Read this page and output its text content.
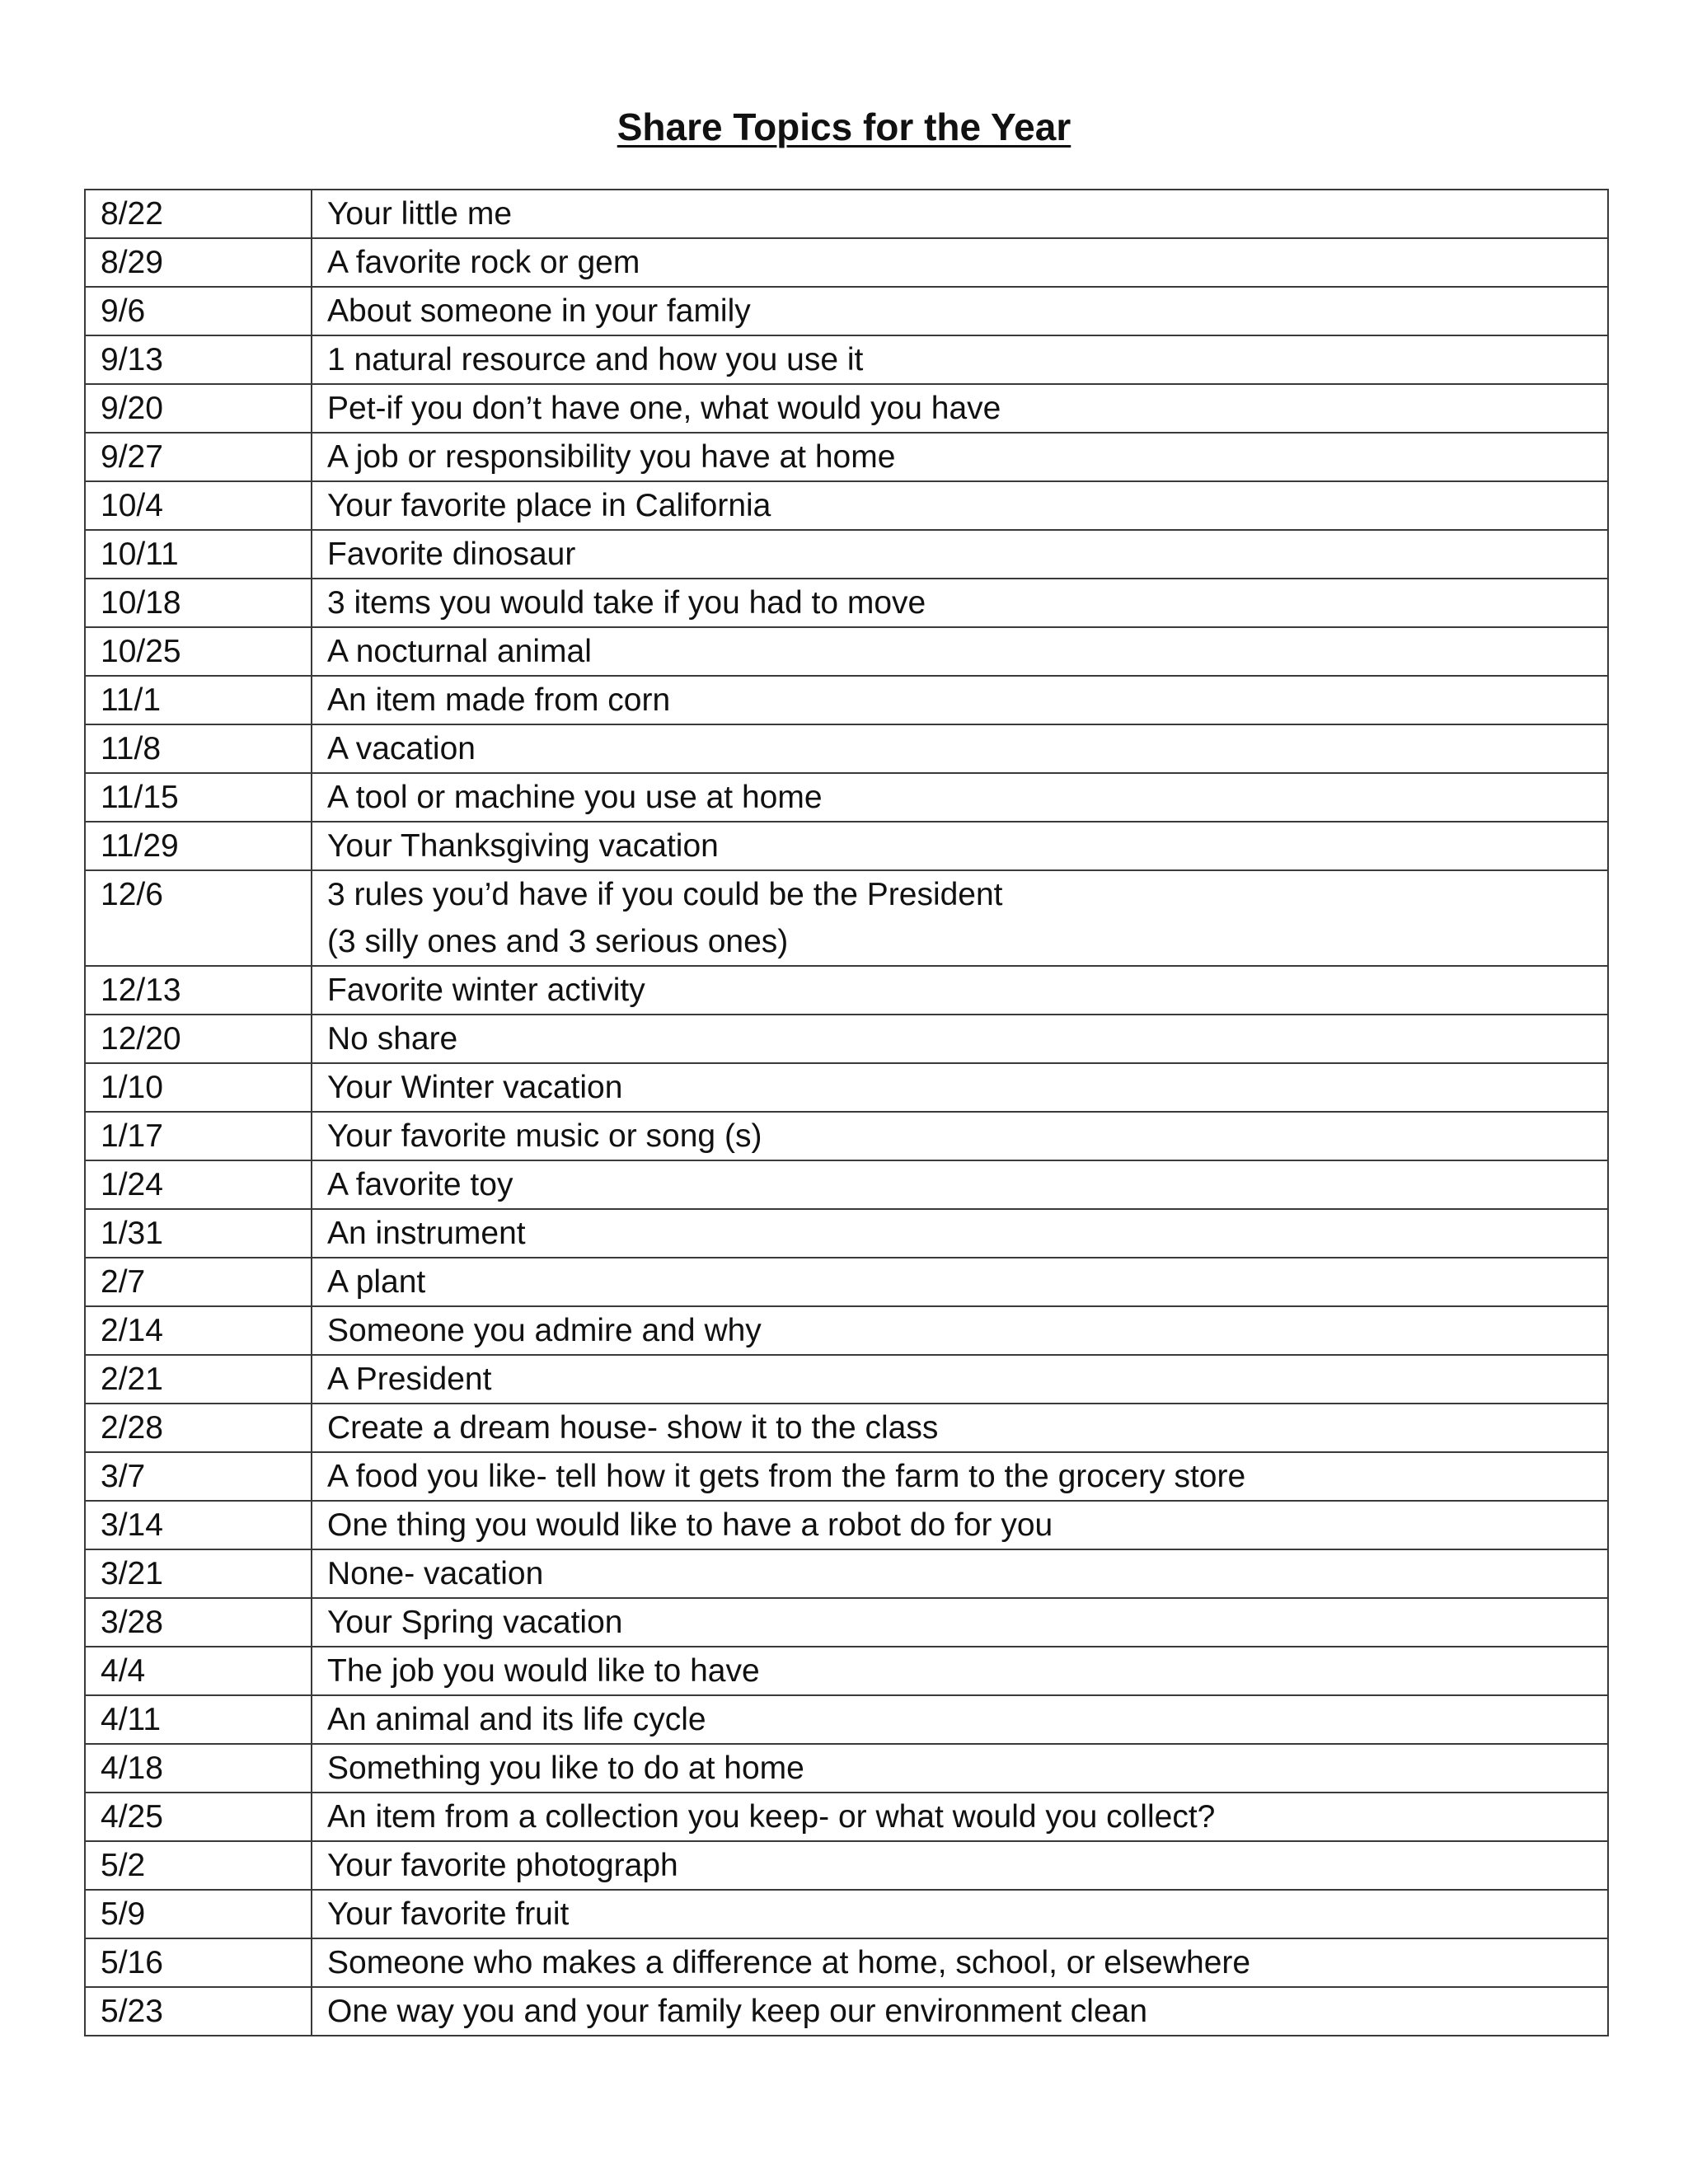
Share Topics for the Year
8/22	Your little me
8/29	A favorite rock or gem
9/6	About someone in your family
9/13	1 natural resource and how you use it
9/20	Pet-if you don’t have one, what would you have
9/27	A job or responsibility you have at home
10/4	Your favorite place in California
10/11	Favorite dinosaur
10/18	3 items you would take if you had to move
10/25	A nocturnal animal
11/1	An item made from corn
11/8	A vacation
11/15	A tool or machine you use at home
11/29	Your Thanksgiving vacation
12/6	3 rules you’d have if you could be the President
(3 silly ones and 3 serious ones)

12/13	Favorite winter activity
12/20	No share
1/10	Your Winter vacation
1/17	Your favorite music or song (s)
1/24	A favorite toy
1/31	An instrument
2/7	A plant
2/14	Someone you admire and why
2/21	A President
2/28	Create a dream house- show it to the class
3/7	A food you like- tell how it gets from the farm to the grocery store
3/14	One thing you would like to have a robot do for you
3/21	None- vacation
3/28	Your Spring vacation
4/4	The job you would like to have
4/11	An animal and its life cycle
4/18	Something you like to do at home
4/25	An item from a collection you keep- or what would you collect?
5/2	Your favorite photograph
5/9	Your favorite fruit
5/16	Someone who makes a difference at home, school, or elsewhere
5/23	One way you and your family keep our environment clean
